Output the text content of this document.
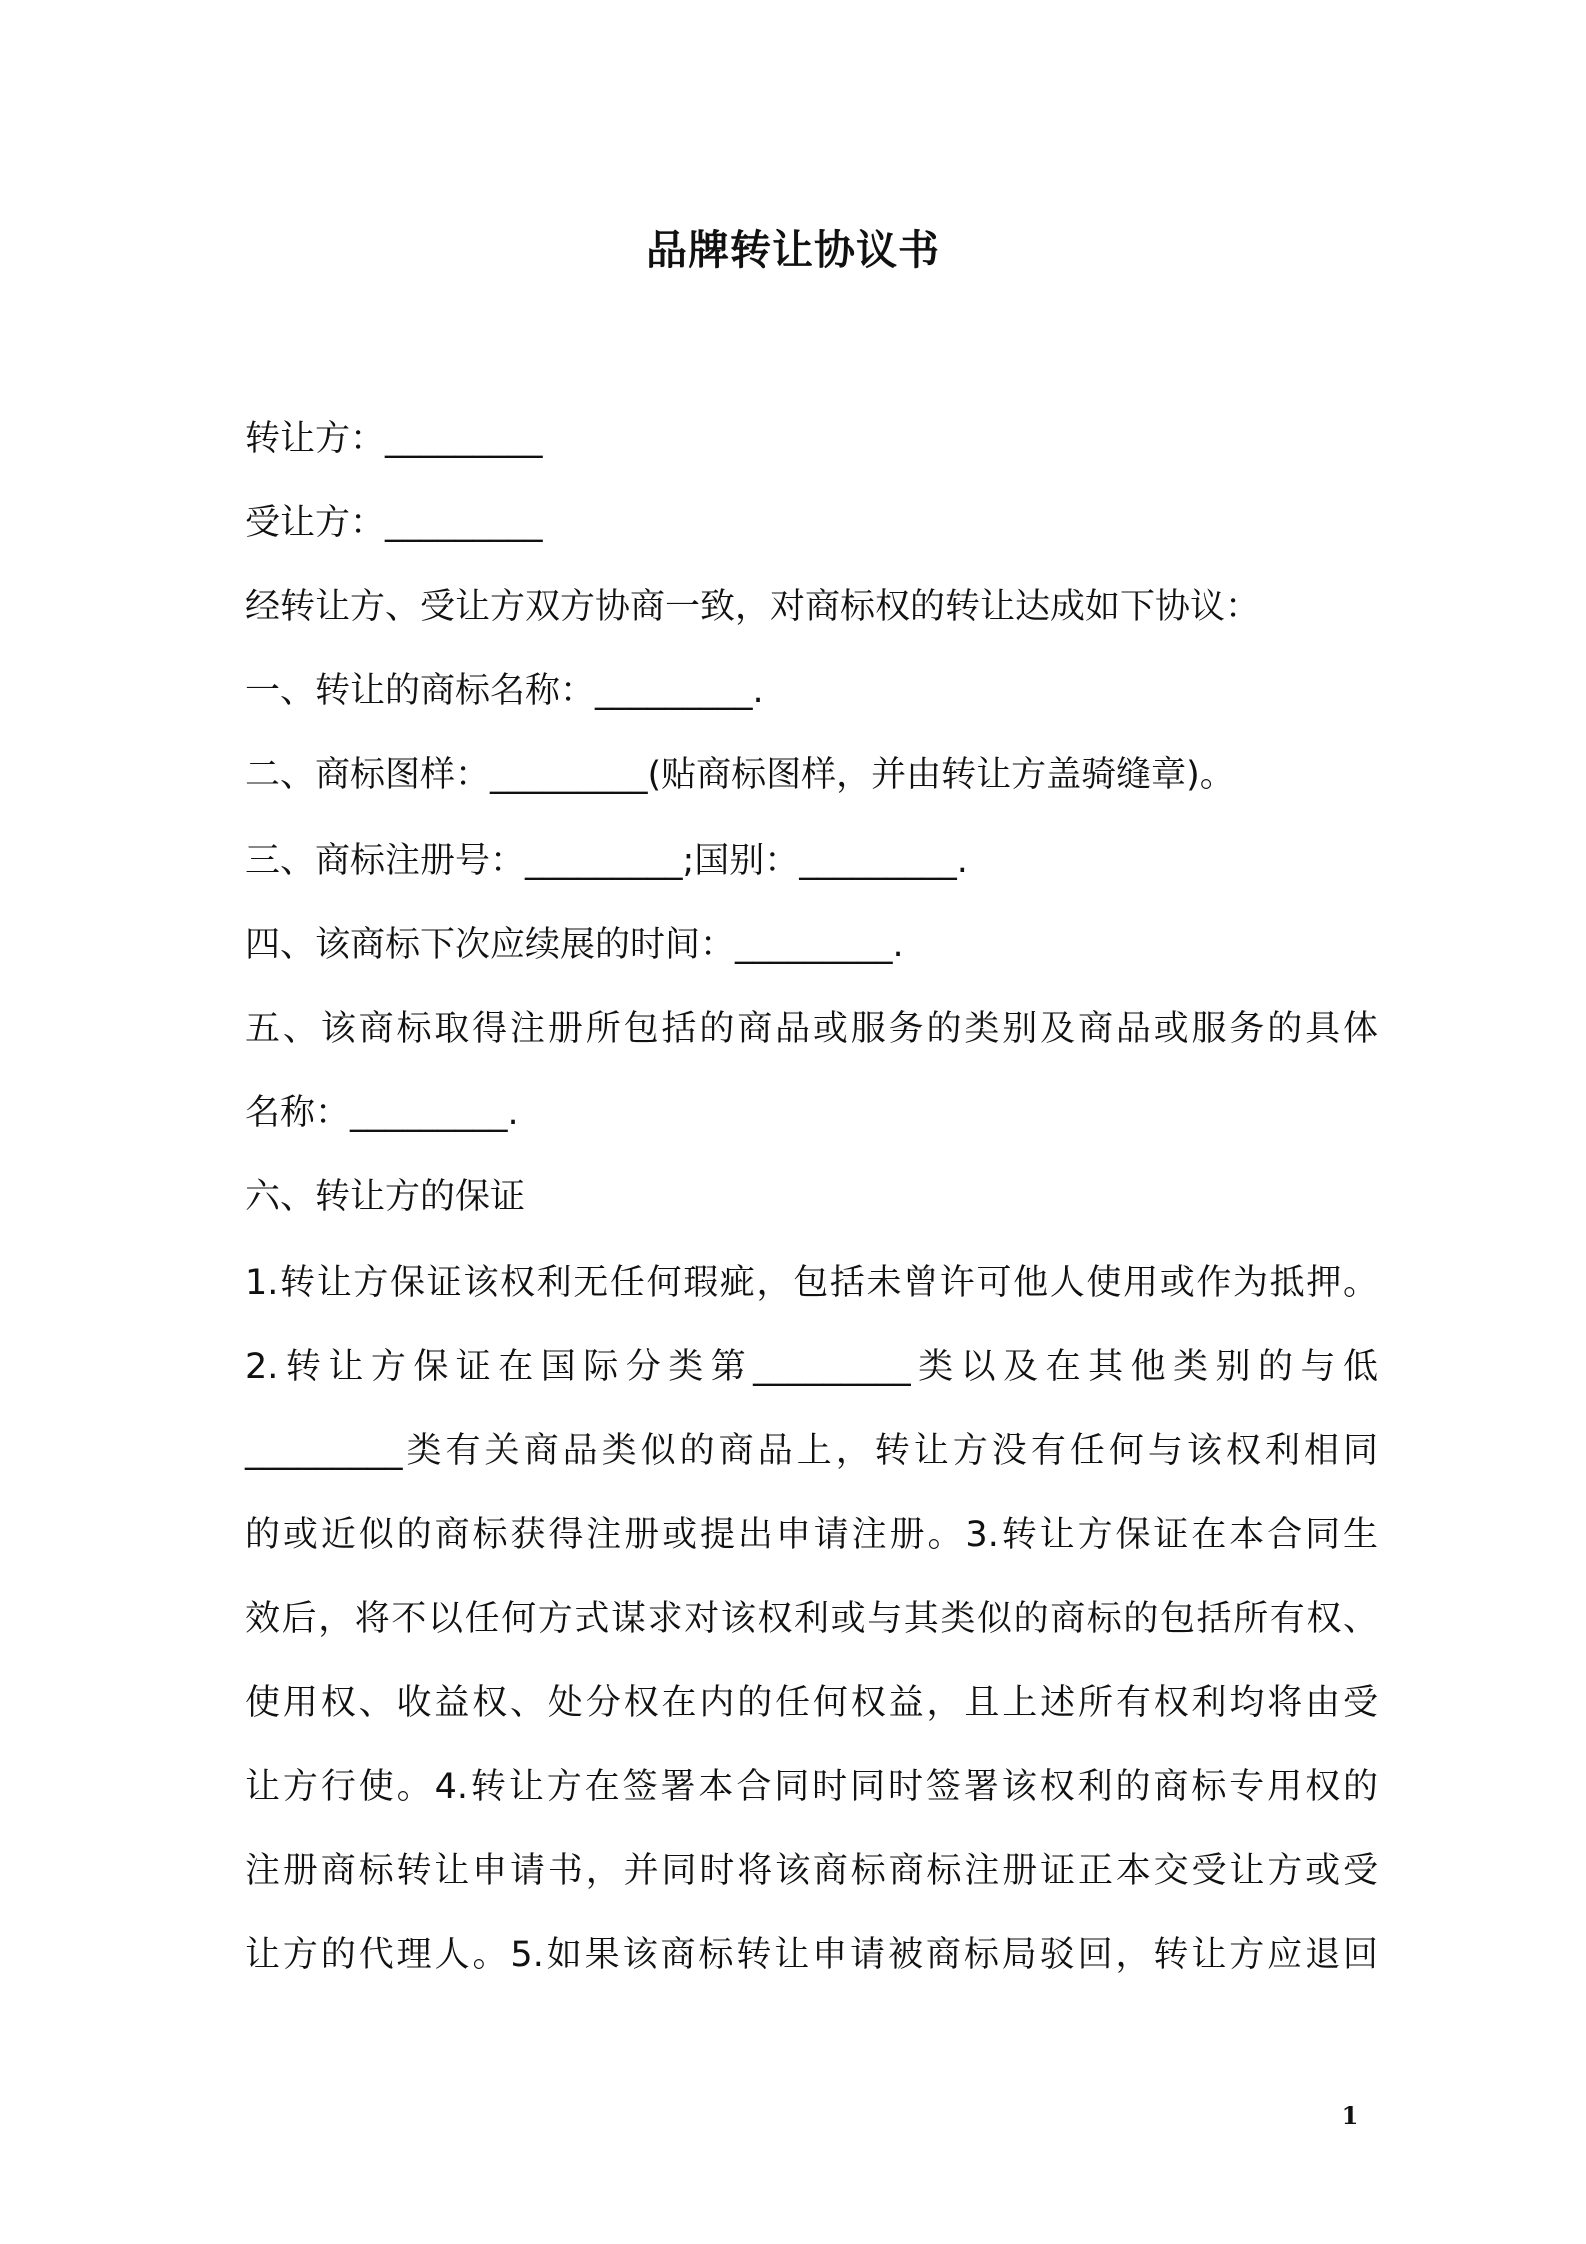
品牌转让协议书
转让方：_________
受让方：_________
经转让方、受让方双方协商一致，对商标权的转让达成如下协议：
一、转让的商标名称：_________.
二、商标图样：_________(贴商标图样，并由转让方盖骑缝章)。
三、商标注册号：_________;国别：_________.
四、该商标下次应续展的时间：_________.
五、该商标取得注册所包括的商品或服务的类别及商品或服务的具体
名称：_________.
六、转让方的保证
1.转让方保证该权利无任何瑕疵，包括未曾许可他人使用或作为抵押。
2.转让方保证在国际分类第_________类以及在其他类别的与低
_________类有关商品类似的商品上，转让方没有任何与该权利相同
的或近似的商标获得注册或提出申请注册。3.转让方保证在本合同生
效后，将不以任何方式谋求对该权利或与其类似的商标的包括所有权、
使用权、收益权、处分权在内的任何权益，且上述所有权利均将由受
让方行使。4.转让方在签署本合同时同时签署该权利的商标专用权的
注册商标转让申请书，并同时将该商标商标注册证正本交受让方或受
让方的代理人。5.如果该商标转让申请被商标局驳回，转让方应退回
1
